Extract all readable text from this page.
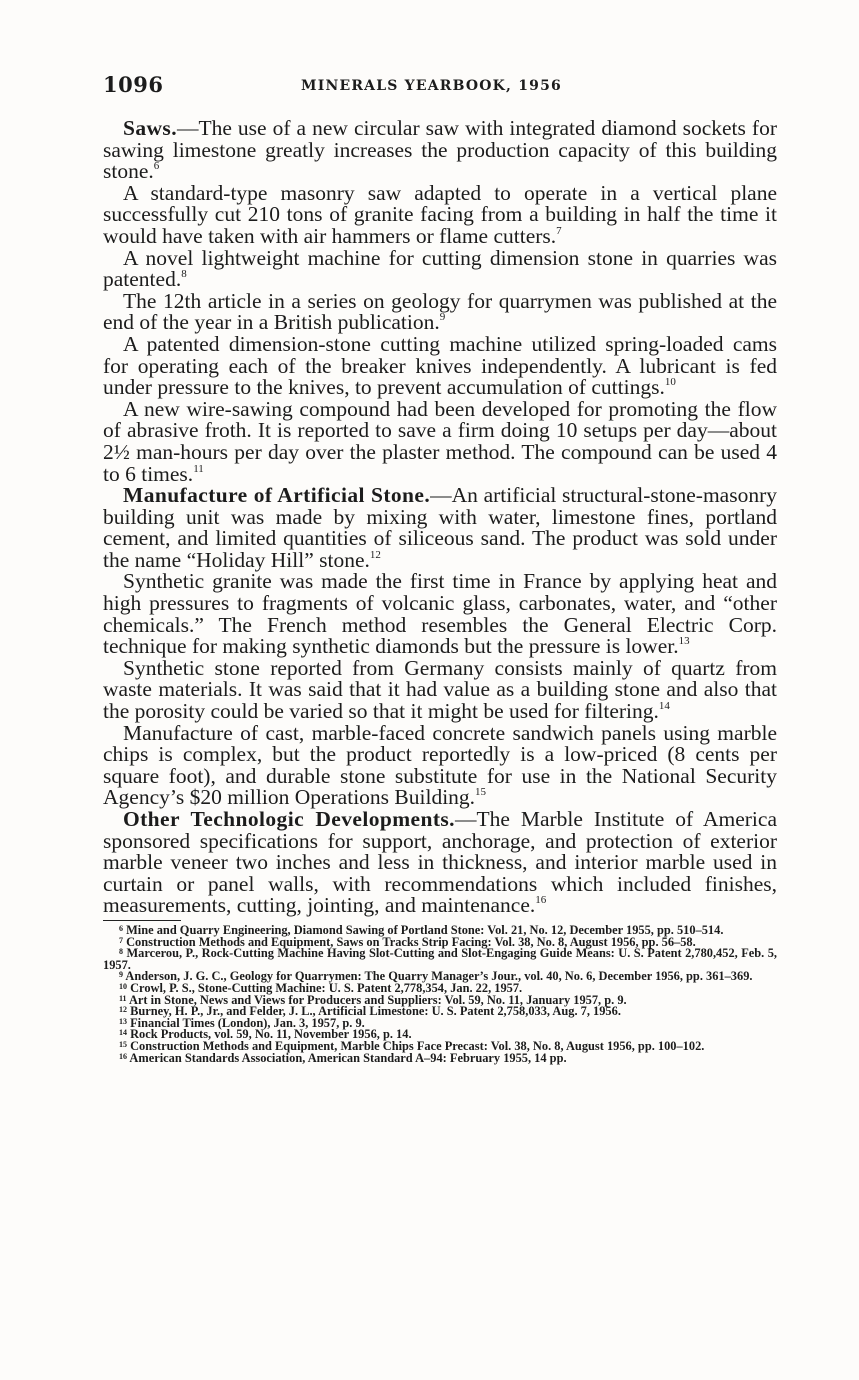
1096	MINERALS YEARBOOK, 1956

Saws.—The use of a new circular saw with integrated diamond sockets for sawing limestone greatly increases the production capacity of this building stone.$^6$

A standard-type masonry saw adapted to operate in a vertical plane successfully cut 210 tons of granite facing from a building in half the time it would have taken with air hammers or flame cutters.$^7$

A novel lightweight machine for cutting dimension stone in quarries was patented.$^8$

The 12th article in a series on geology for quarrymen was published at the end of the year in a British publication.$^9$

A patented dimension-stone cutting machine utilized spring-loaded cams for operating each of the breaker knives independently. A lubricant is fed under pressure to the knives, to prevent accumulation of cuttings.$^{10}$

A new wire-sawing compound had been developed for promoting the flow of abrasive froth. It is reported to save a firm doing 10 setups per day—about 2½ man-hours per day over the plaster method. The compound can be used 4 to 6 times.$^{11}$

Manufacture of Artificial Stone.—An artificial structural-stone-masonry building unit was made by mixing with water, limestone fines, portland cement, and limited quantities of siliceous sand. The product was sold under the name “Holiday Hill” stone.$^{12}$

Synthetic granite was made the first time in France by applying heat and high pressures to fragments of volcanic glass, carbonates, water, and “other chemicals.” The French method resembles the General Electric Corp. technique for making synthetic diamonds but the pressure is lower.$^{13}$

Synthetic stone reported from Germany consists mainly of quartz from waste materials. It was said that it had value as a building stone and also that the porosity could be varied so that it might be used for filtering.$^{14}$

Manufacture of cast, marble-faced concrete sandwich panels using marble chips is complex, but the product reportedly is a low-priced (8 cents per square foot), and durable stone substitute for use in the National Security Agency’s $20 million Operations Building.$^{15}$

Other Technologic Developments.—The Marble Institute of America sponsored specifications for support, anchorage, and protection of exterior marble veneer two inches and less in thickness, and interior marble used in curtain or panel walls, with recommendations which included finishes, measurements, cutting, jointing, and maintenance.$^{16}$

$^6$ Mine and Quarry Engineering, Diamond Sawing of Portland Stone: Vol. 21, No. 12, December 1955, pp. 510–514.

$^7$ Construction Methods and Equipment, Saws on Tracks Strip Facing: Vol. 38, No. 8, August 1956, pp. 56–58.

$^8$ Marcerou, P., Rock-Cutting Machine Having Slot-Cutting and Slot-Engaging Guide Means: U. S. Patent 2,780,452, Feb. 5, 1957.

$^9$ Anderson, J. G. C., Geology for Quarrymen: The Quarry Manager’s Jour., vol. 40, No. 6, December 1956, pp. 361–369.

$^{10}$ Crowl, P. S., Stone-Cutting Machine: U. S. Patent 2,778,354, Jan. 22, 1957.

$^{11}$ Art in Stone, News and Views for Producers and Suppliers: Vol. 59, No. 11, January 1957, p. 9.

$^{12}$ Burney, H. P., Jr., and Felder, J. L., Artificial Limestone: U. S. Patent 2,758,033, Aug. 7, 1956.

$^{13}$ Financial Times (London), Jan. 3, 1957, p. 9.

$^{14}$ Rock Products, vol. 59, No. 11, November 1956, p. 14.

$^{15}$ Construction Methods and Equipment, Marble Chips Face Precast: Vol. 38, No. 8, August 1956, pp. 100–102.

$^{16}$ American Standards Association, American Standard A–94: February 1955, 14 pp.
